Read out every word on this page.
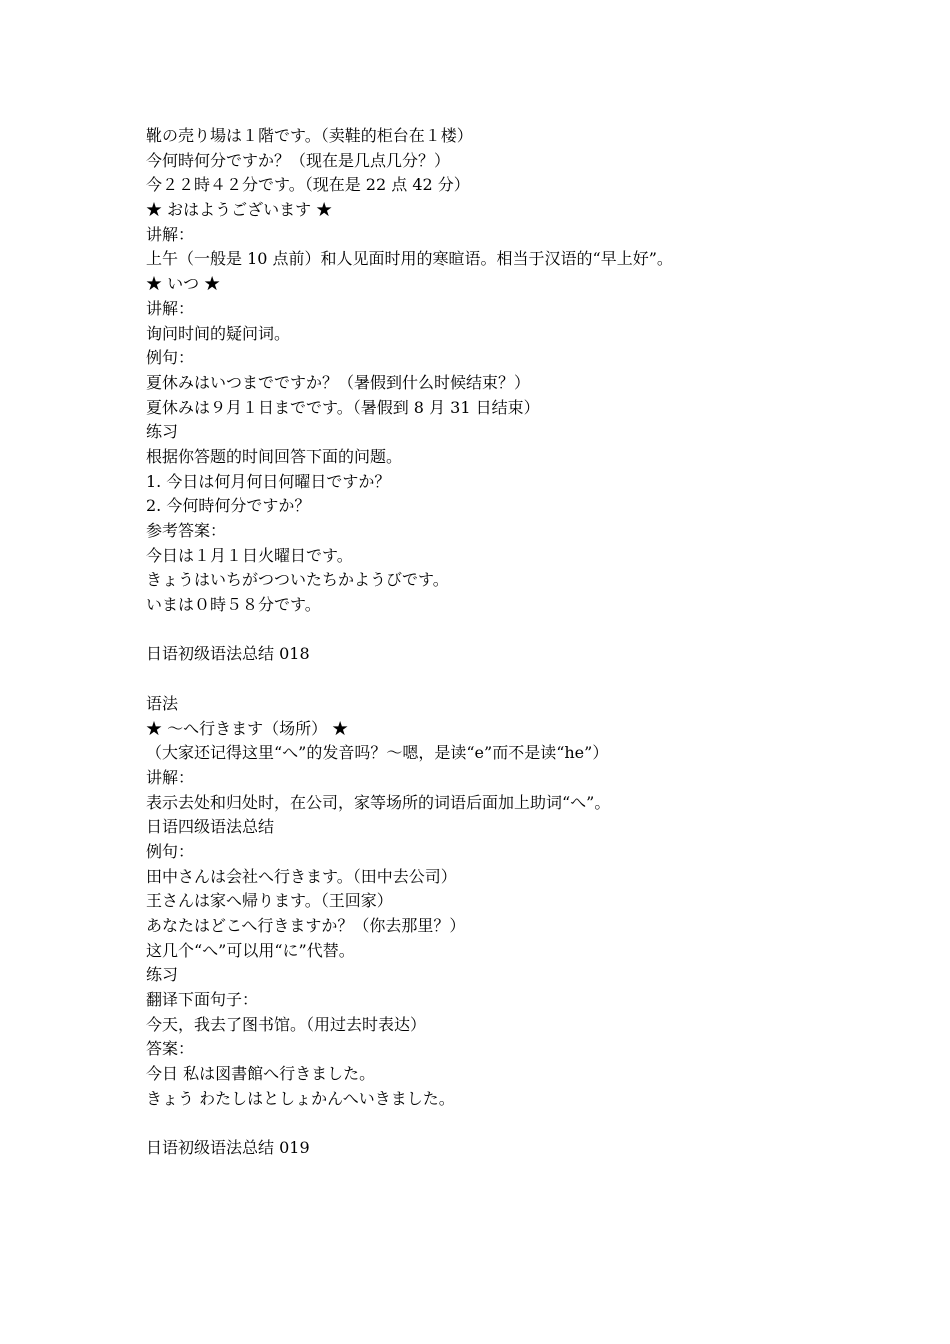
靴の売り場は１階です。（卖鞋的柜台在１楼）
今何時何分ですか？（现在是几点几分？）
今２２時４２分です。（现在是 22 点 42 分）
★ おはようございます ★
讲解：
上午（一般是 10 点前）和人见面时用的寒暄语。相当于汉语的“早上好”。
★ いつ ★
讲解：
询问时间的疑问词。
例句：
夏休みはいつまでですか？（暑假到什么时候结束？）
夏休みは９月１日までです。（暑假到 8 月 31 日结束）
练习
根据你答题的时间回答下面的问题。
1. 今日は何月何日何曜日ですか？
2. 今何時何分ですか？
参考答案：
今日は１月１日火曜日です。
きょうはいちがつついたちかようびです。
いまは０時５８分です。
日语初级语法总结 018
语法
★ ～へ行きます（场所） ★
（大家还记得这里“へ”的发音吗？～嗯，是读“e”而不是读“he”）
讲解：
表示去处和归处时，在公司，家等场所的词语后面加上助词“へ”。
日语四级语法总结
例句：
田中さんは会社へ行きます。（田中去公司）
王さんは家へ帰ります。（王回家）
あなたはどこへ行きますか？（你去那里？）
这几个“へ”可以用“に”代替。
练习
翻译下面句子：
今天，我去了图书馆。（用过去时表达）
答案：
今日 私は図書館へ行きました。
きょう わたしはとしょかんへいきました。
日语初级语法总结 019
